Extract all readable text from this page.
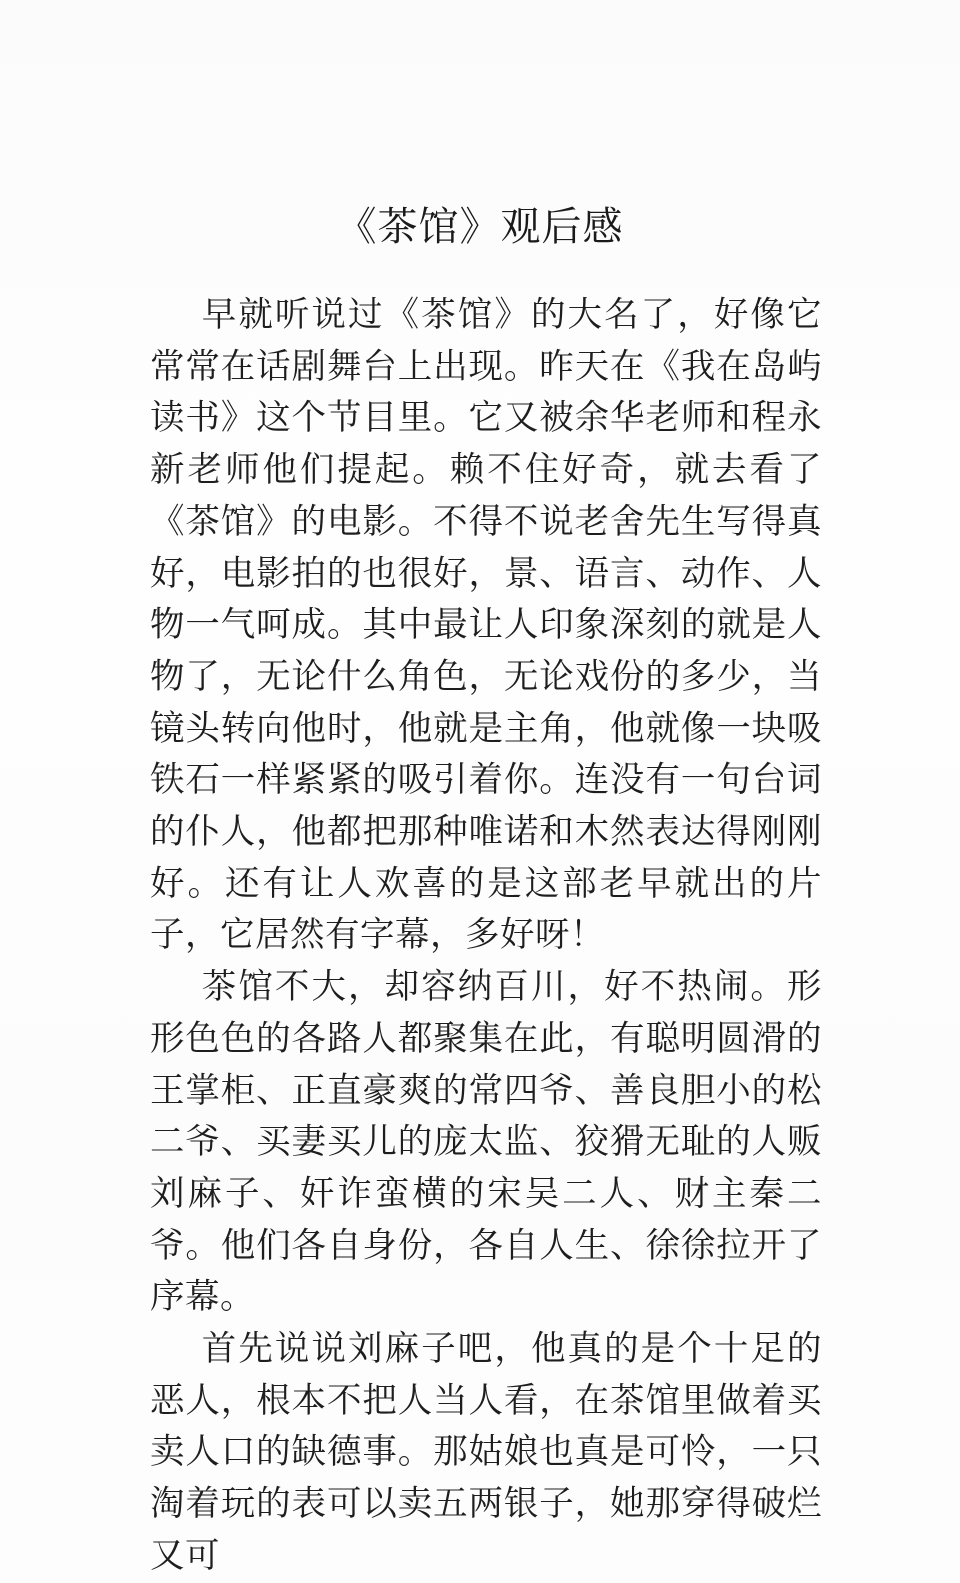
《茶馆》观后感

早就听说过《茶馆》的大名了，好像它常常在话剧舞台上出现。昨天在《我在岛屿读书》这个节目里。它又被余华老师和程永新老师他们提起。赖不住好奇，就去看了《茶馆》的电影。不得不说老舍先生写得真好，电影拍的也很好，景、语言、动作、人物一气呵成。其中最让人印象深刻的就是人物了，无论什么角色，无论戏份的多少，当镜头转向他时，他就是主角，他就像一块吸铁石一样紧紧的吸引着你。连没有一句台词的仆人，他都把那种唯诺和木然表达得刚刚好。还有让人欢喜的是这部老早就出的片子，它居然有字幕，多好呀！

茶馆不大，却容纳百川，好不热闹。形形色色的各路人都聚集在此，有聪明圆滑的王掌柜、正直豪爽的常四爷、善良胆小的松二爷、买妻买儿的庞太监、狡猾无耻的人贩刘麻子、奸诈蛮横的宋吴二人、财主秦二爷。他们各自身份，各自人生、徐徐拉开了序幕。

首先说说刘麻子吧，他真的是个十足的恶人，根本不把人当人看，在茶馆里做着买卖人口的缺德事。那姑娘也真是可怜，一只淘着玩的表可以卖五两银子，她那穿得破烂又可
